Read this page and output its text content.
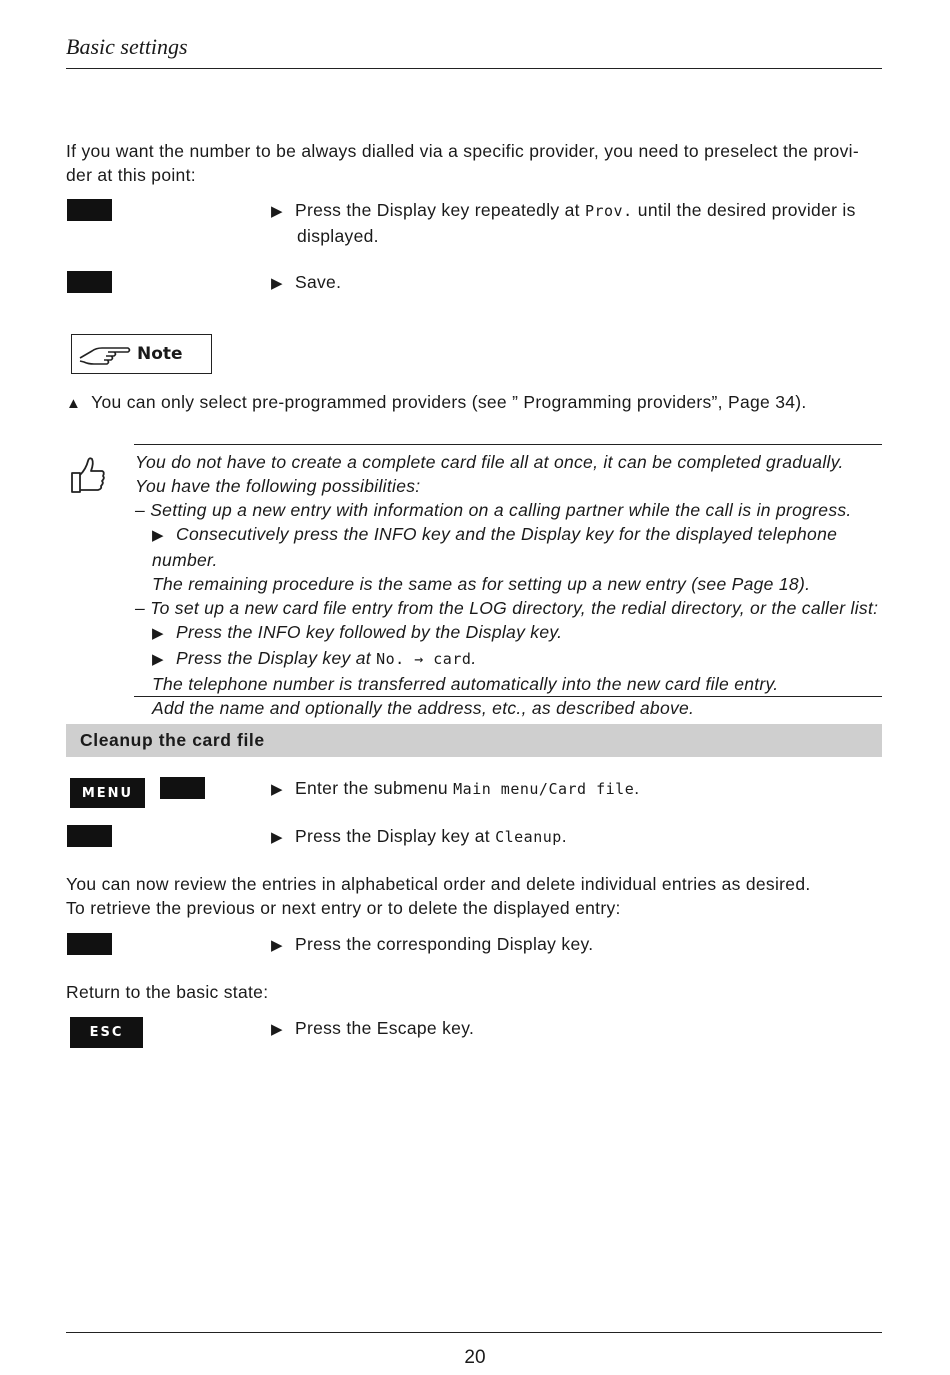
Basic settings
If you want the number to be always dialled via a specific provider, you need to preselect the provi-
der at this point:
▶ Press the Display key repeatedly at Prov. until the desired provider is
displayed.
▶ Save.
Note
▲ You can only select pre-programmed providers (see ” Programming providers”, Page 34).
You do not have to create a complete card file all at once, it can be completed gradually.
You have the following possibilities:
– Setting up a new entry with information on a calling partner while the call is in progress.
▶ Consecutively press the INFO key and the Display key for the displayed telephone number.
The remaining procedure is the same as for setting up a new entry (see Page 18).
– To set up a new card file entry from the LOG directory, the redial directory, or the caller list:
▶ Press the INFO key followed by the Display key.
▶ Press the Display key at No. → card.
The telephone number is transferred automatically into the new card file entry.
Add the name and optionally the address, etc., as described above.
Cleanup the card file
MENU	▶ Enter the submenu Main menu/Card file.
▶ Press the Display key at Cleanup.
You can now review the entries in alphabetical order and delete individual entries as desired.
To retrieve the previous or next entry or to delete the displayed entry:
▶ Press the corresponding Display key.
Return to the basic state:
ESC	▶ Press the Escape key.
20
